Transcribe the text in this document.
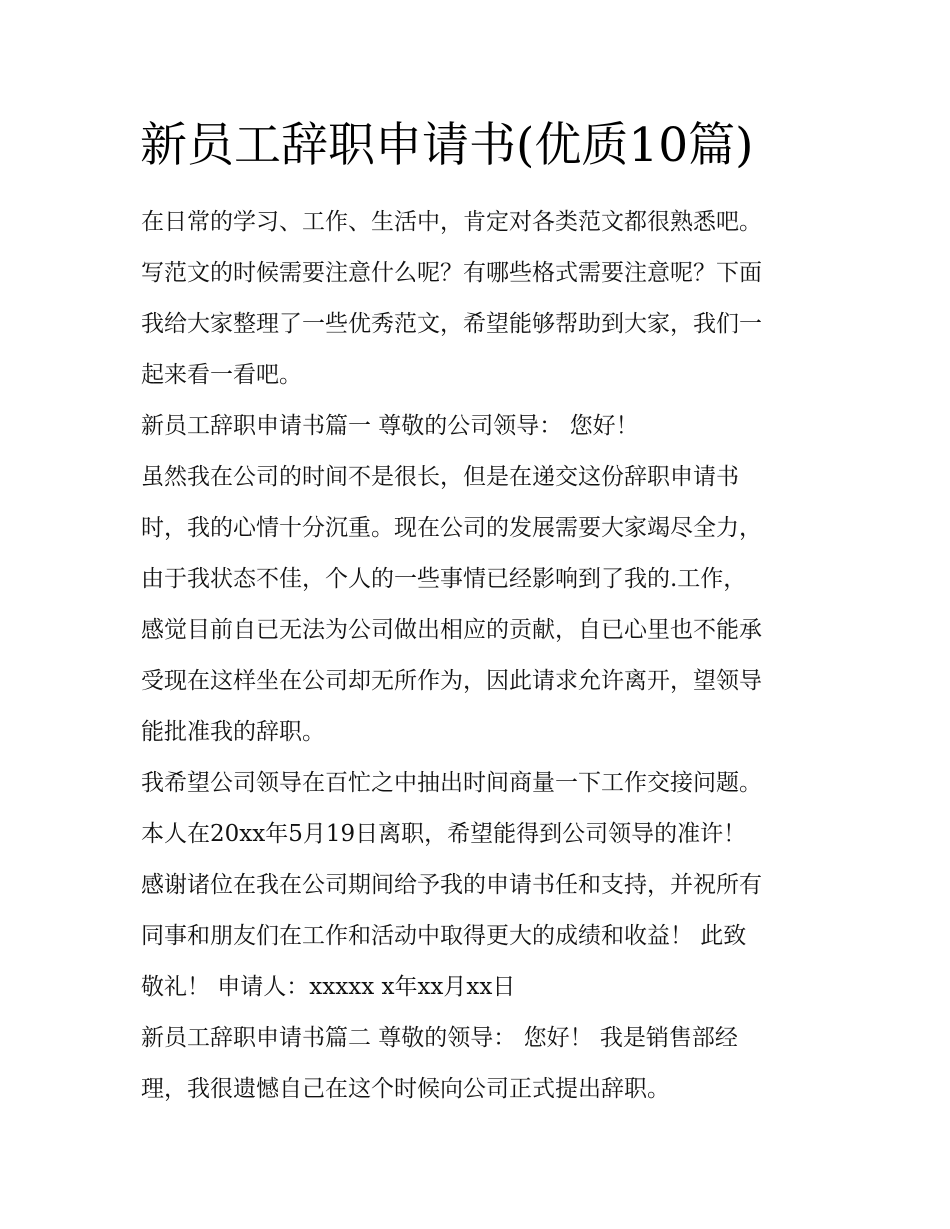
新员工辞职申请书(优质10篇)
在日常的学习、工作、生活中，肯定对各类范文都很熟悉吧。
写范文的时候需要注意什么呢？有哪些格式需要注意呢？下面
我给大家整理了一些优秀范文，希望能够帮助到大家，我们一
起来看一看吧。
新员工辞职申请书篇一 尊敬的公司领导： 您好！
虽然我在公司的时间不是很长，但是在递交这份辞职申请书
时，我的心情十分沉重。现在公司的发展需要大家竭尽全力，
由于我状态不佳，个人的一些事情已经影响到了我的.工作，
感觉目前自已无法为公司做出相应的贡献，自已心里也不能承
受现在这样坐在公司却无所作为，因此请求允许离开，望领导
能批准我的辞职。
我希望公司领导在百忙之中抽出时间商量一下工作交接问题。
本人在20xx年5月19日离职，希望能得到公司领导的准许！
感谢诸位在我在公司期间给予我的申请书任和支持，并祝所有
同事和朋友们在工作和活动中取得更大的成绩和收益！ 此致
敬礼！ 申请人：xxxxx x年xx月xx日
新员工辞职申请书篇二 尊敬的领导： 您好！ 我是销售部经
理，我很遗憾自己在这个时候向公司正式提出辞职。
